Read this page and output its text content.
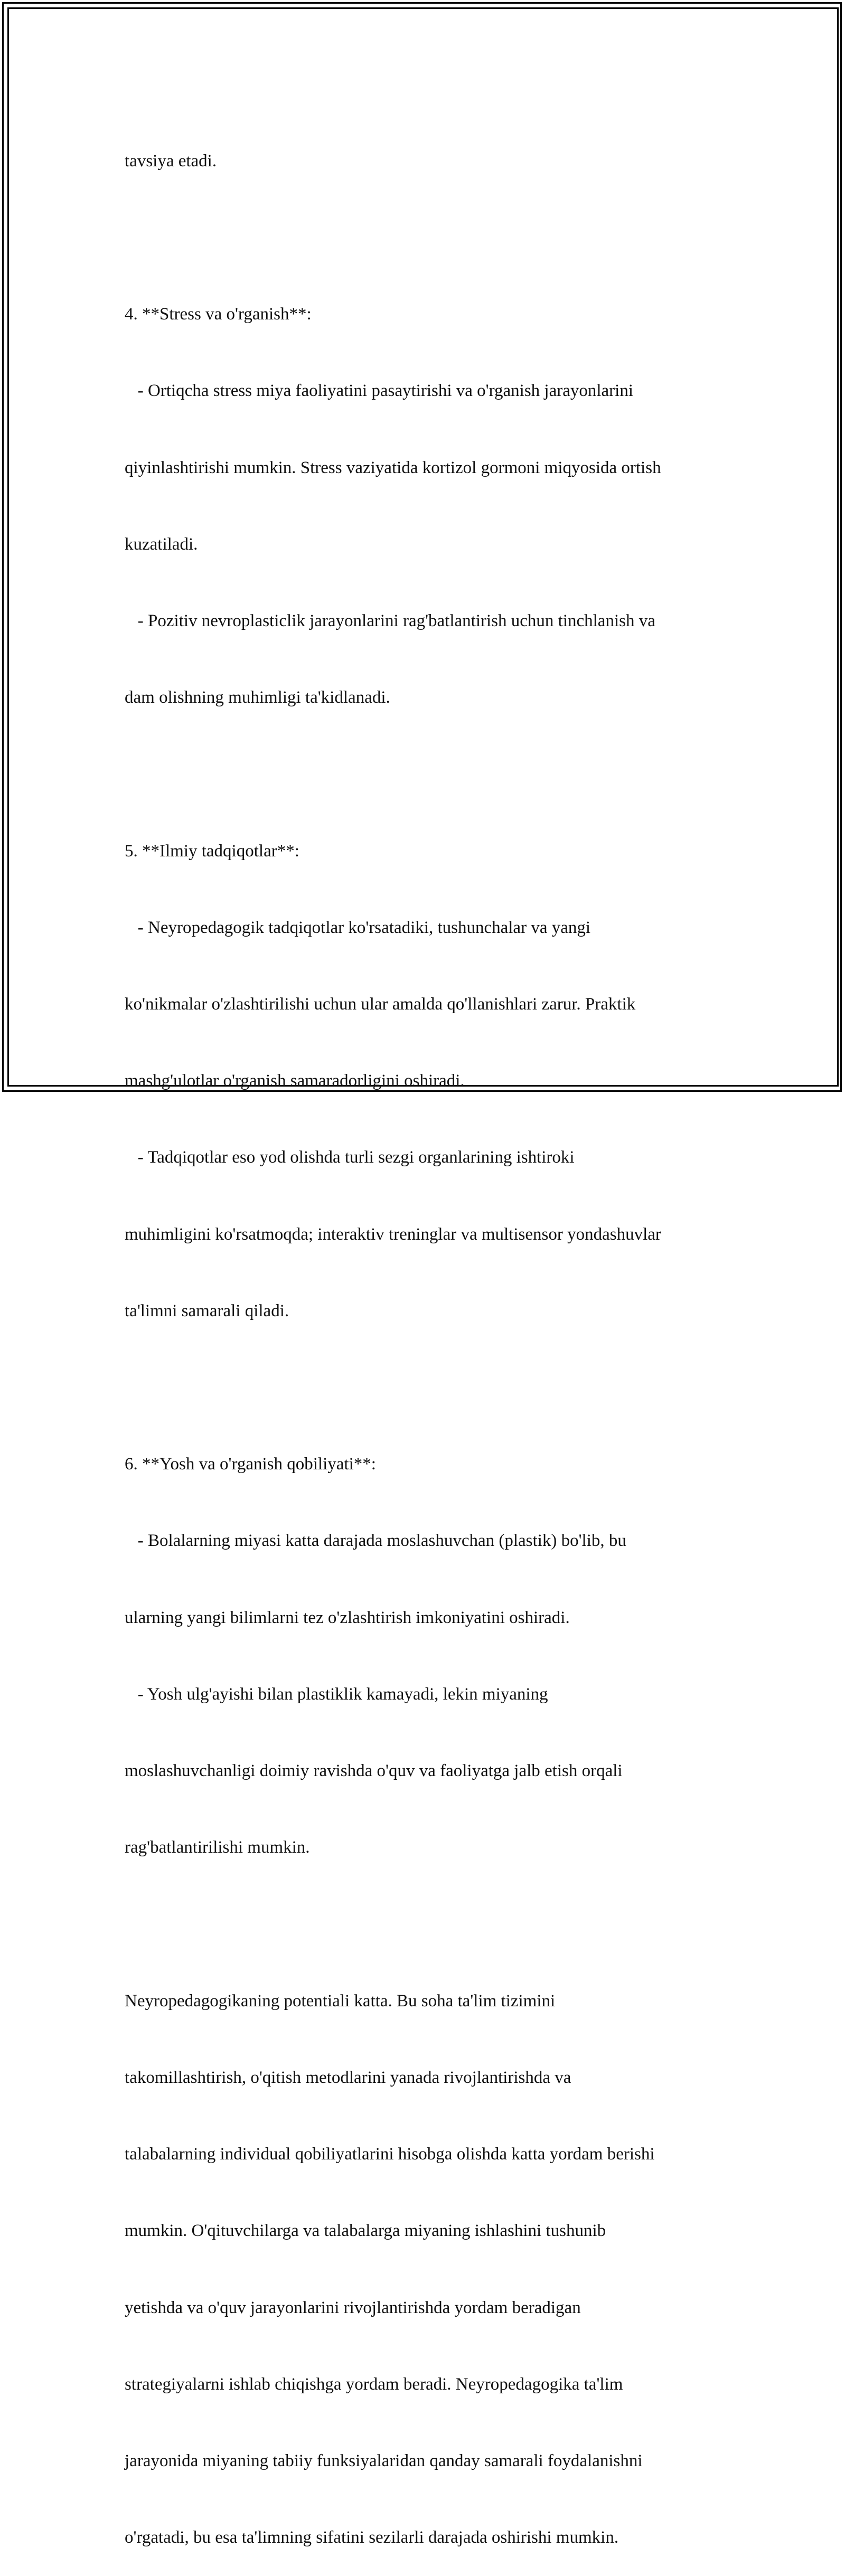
tavsiya etadi.

4. **Stress va o'rganish**:

- Ortiqcha stress miya faoliyatini pasaytirishi va o'rganish jarayonlarini

qiyinlashtirishi mumkin. Stress vaziyatida kortizol gormoni miqyosida ortish

kuzatiladi.

- Pozitiv nevroplasticlik jarayonlarini rag'batlantirish uchun tinchlanish va

dam olishning muhimligi ta'kidlanadi.

5. **Ilmiy tadqiqotlar**:

- Neyropedagogik tadqiqotlar ko'rsatadiki, tushunchalar va yangi

ko'nikmalar o'zlashtirilishi uchun ular amalda qo'llanishlari zarur. Praktik

mashg'ulotlar o'rganish samaradorligini oshiradi.

- Tadqiqotlar eso yod olishda turli sezgi organlarining ishtiroki

muhimligini ko'rsatmoqda; interaktiv treninglar va multisensor yondashuvlar

ta'limni samarali qiladi.

6. **Yosh va o'rganish qobiliyati**:

- Bolalarning miyasi katta darajada moslashuvchan (plastik) bo'lib, bu

ularning yangi bilimlarni tez o'zlashtirish imkoniyatini oshiradi.

- Yosh ulg'ayishi bilan plastiklik kamayadi, lekin miyaning

moslashuvchanligi doimiy ravishda o'quv va faoliyatga jalb etish orqali

rag'batlantirilishi mumkin.

Neyropedagogikaning potentiali katta. Bu soha ta'lim tizimini

takomillashtirish, o'qitish metodlarini yanada rivojlantirishda va

talabalarning individual qobiliyatlarini hisobga olishda katta yordam berishi

mumkin. O'qituvchilarga va talabalarga miyaning ishlashini tushunib

yetishda va o'quv jarayonlarini rivojlantirishda yordam beradigan

strategiyalarni ishlab chiqishga yordam beradi. Neyropedagogika ta'lim

jarayonida miyaning tabiiy funksiyalaridan qanday samarali foydalanishni

o'rgatadi, bu esa ta'limning sifatini sezilarli darajada oshirishi mumkin.
